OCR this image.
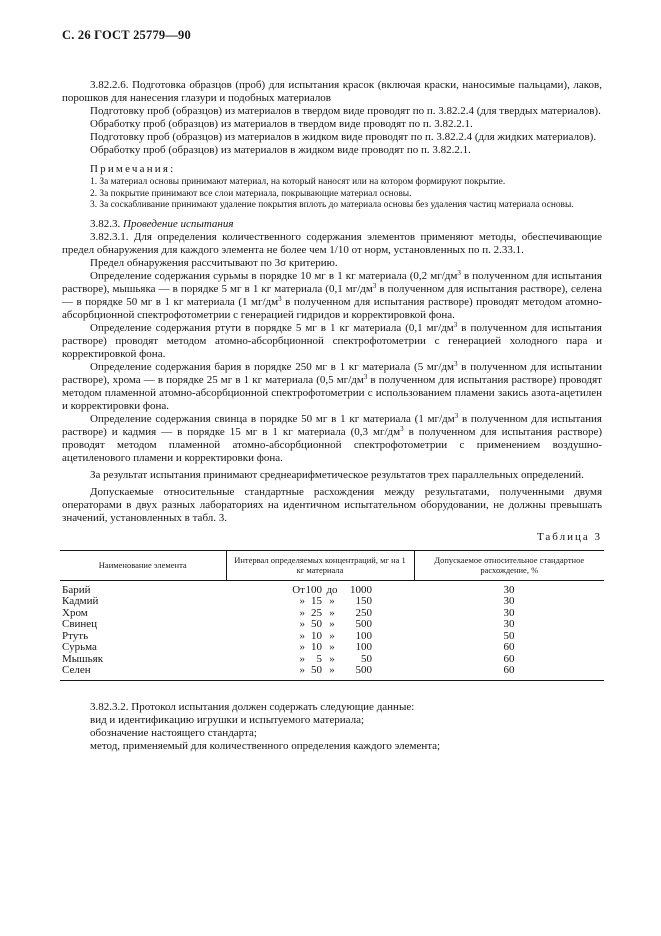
С. 26 ГОСТ 25779—90

3.82.2.6. Подготовка образцов (проб) для испытания красок (включая краски, наносимые пальцами), лаков, порошков для нанесения глазури и подобных материалов

Подготовку проб (образцов) из материалов в твердом виде проводят по п. 3.82.2.4 (для твердых материалов).

Обработку проб (образцов) из материалов в твердом виде проводят по п. 3.82.2.1.

Подготовку проб (образцов) из материалов в жидком виде проводят по п. 3.82.2.4 (для жидких материалов).

Обработку проб (образцов) из материалов в жидком виде проводят по п. 3.82.2.1.

Примечания:

1. За материал основы принимают материал, на который наносят или на котором формируют покрытие.

2. За покрытие принимают все слои материала, покрывающие материал основы.

3. За соскабливание принимают удаление покрытия вплоть до материала основы без удаления частиц материала основы.

3.82.3. Проведение испытания

3.82.3.1. Для определения количественного содержания элементов применяют методы, обеспечивающие предел обнаружения для каждого элемента не более чем 1/10 от норм, установленных по п. 2.33.1.

Предел обнаружения рассчитывают по 3σ критерию.

Определение содержания сурьмы в порядке 10 мг в 1 кг материала (0,2 $мг/дм^3$ в полученном для испытания растворе), мышьяка — в порядке 5 мг в 1 кг материала (0,1 $мг/дм^3$ в полученном для испытания растворе), селена — в порядке 50 мг в 1 кг материала (1 $мг/дм^3$ в полученном для испытания растворе) проводят методом атомно-абсорбционной спектрофотометрии с генерацией гидридов и корректировкой фона.

Определение содержания ртути в порядке 5 мг в 1 кг материала (0,1 $мг/дм^3$ в полученном для испытания растворе) проводят методом атомно-абсорбционной спектрофотометрии с генерацией холодного пара и корректировкой фона.

Определение содержания бария в порядке 250 мг в 1 кг материала (5 $мг/дм^3$ в полученном для испытании растворе), хрома — в порядке 25 мг в 1 кг материала (0,5 $мг/дм^3$ в полученном для испытания растворе) проводят методом пламенной атомно-абсорбционной спектрофотометрии с использованием пламени закись азота-ацетилен и корректировки фона.

Определение содержания свинца в порядке 50 мг в 1 кг материала (1 $мг/дм^3$ в полученном для испытания растворе) и кадмия — в порядке 15 мг в 1 кг материала (0,3 $мг/дм^3$ в полученном для испытания растворе) проводят методом пламенной атомно-абсорбционной спектрофотометрии с применением воздушно-ацетиленового пламени и корректировки фона.

За результат испытания принимают среднеарифметическое результатов трех параллельных определений.

Допускаемые относительные стандартные расхождения между результатами, полученными двумя операторами в двух разных лабораториях на идентичном испытательном оборудовании, не должны превышать значений, установленных в табл. 3.

Таблица 3
Наименование элемента	Интервал определяемых концентраций, мг на 1 кг материала	Допускаемое относительное стандартное расхождение, %
Барий	От100 до 1000	30
Кадмий	» 15 » 150	30
Хром	» 25 » 250	30
Свинец	» 50 » 500	30
Ртуть	» 10 » 100	50
Сурьма	» 10 » 100	60
Мышьяк	» 5 » 50	60
Селен	» 50 » 500	60

3.82.3.2. Протокол испытания должен содержать следующие данные:

вид и идентификацию игрушки и испытуемого материала;

обозначение настоящего стандарта;

метод, применяемый для количественного определения каждого элемента;
